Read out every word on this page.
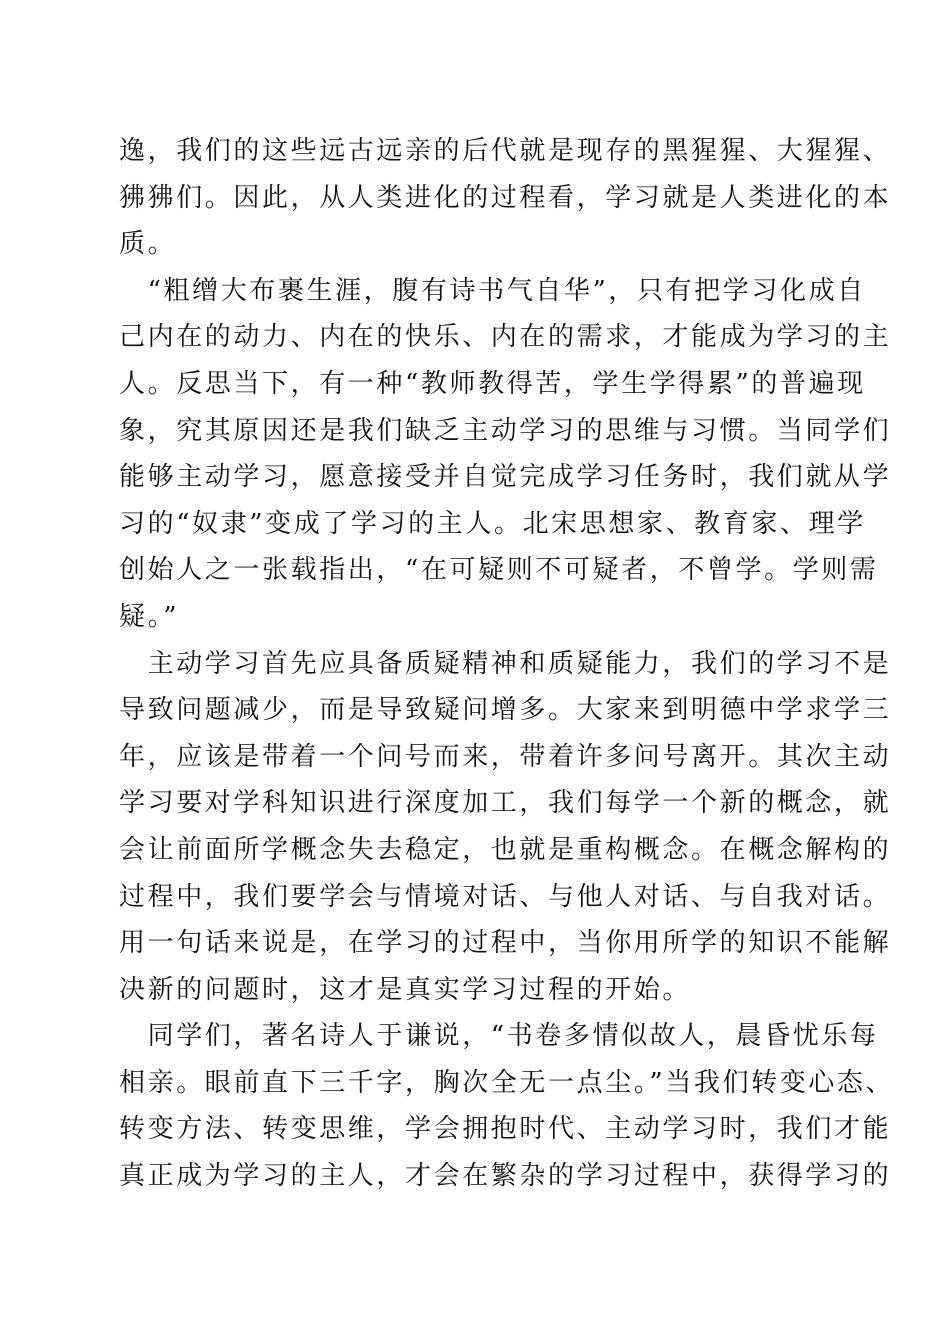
逸，我们的这些远古远亲的后代就是现存的黑猩猩、大猩猩、
狒狒们。因此，从人类进化的过程看，学习就是人类进化的本
质。
　“粗缯大布裹生涯，腹有诗书气自华”，只有把学习化成自
己内在的动力、内在的快乐、内在的需求，才能成为学习的主
人。反思当下，有一种“教师教得苦，学生学得累”的普遍现
象，究其原因还是我们缺乏主动学习的思维与习惯。当同学们
能够主动学习，愿意接受并自觉完成学习任务时，我们就从学
习的“奴隶”变成了学习的主人。北宋思想家、教育家、理学
创始人之一张载指出，“在可疑则不可疑者，不曾学。学则需
疑。”
　主动学习首先应具备质疑精神和质疑能力，我们的学习不是
导致问题减少，而是导致疑问增多。大家来到明德中学求学三
年，应该是带着一个问号而来，带着许多问号离开。其次主动
学习要对学科知识进行深度加工，我们每学一个新的概念，就
会让前面所学概念失去稳定，也就是重构概念。在概念解构的
过程中，我们要学会与情境对话、与他人对话、与自我对话。
用一句话来说是，在学习的过程中，当你用所学的知识不能解
决新的问题时，这才是真实学习过程的开始。
　同学们，著名诗人于谦说，“书卷多情似故人，晨昏忧乐每
相亲。眼前直下三千字，胸次全无一点尘。”当我们转变心态、
转变方法、转变思维，学会拥抱时代、主动学习时，我们才能
真正成为学习的主人，才会在繁杂的学习过程中，获得学习的
